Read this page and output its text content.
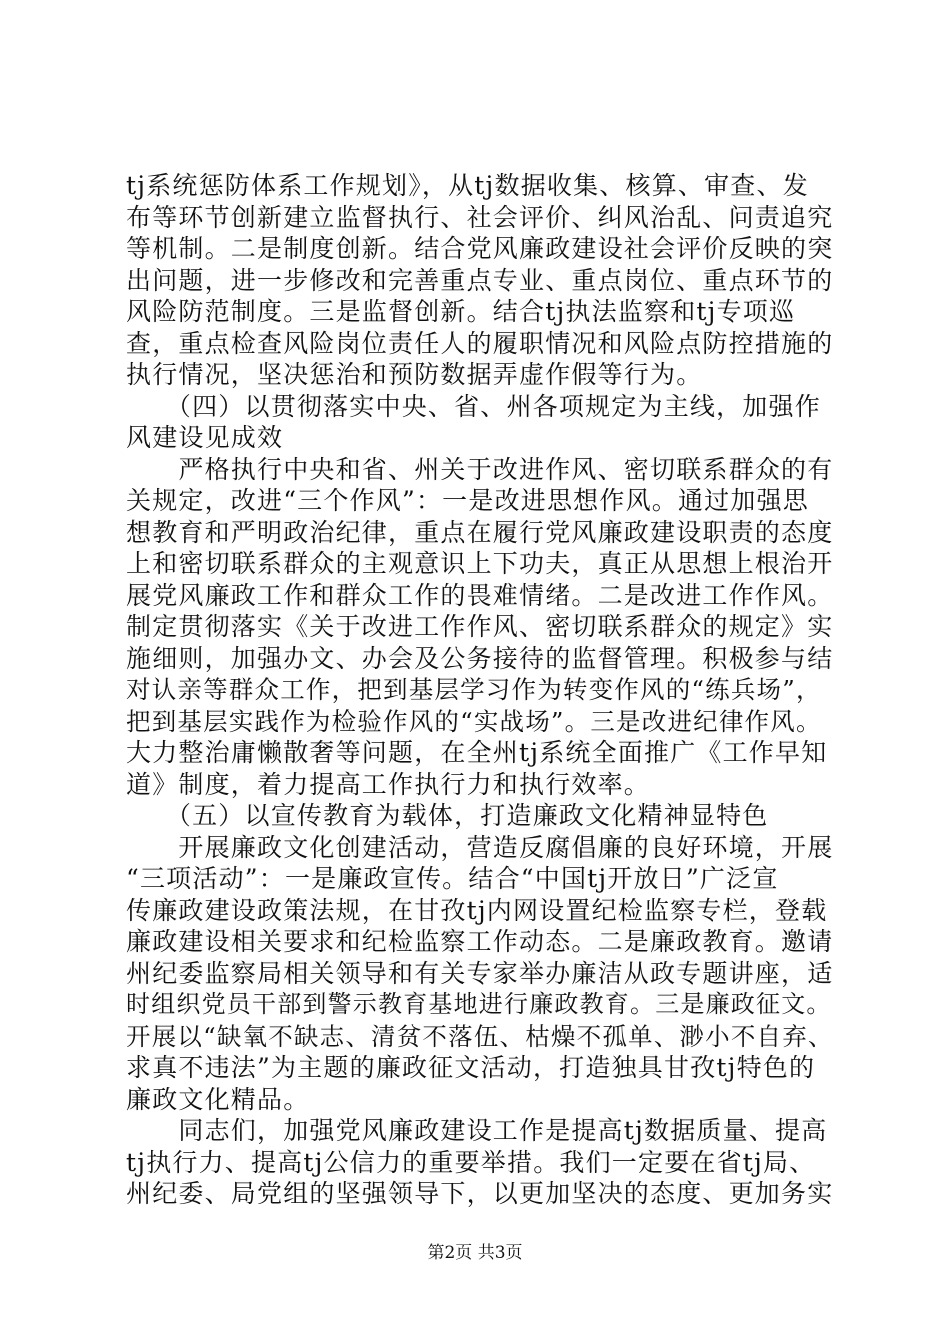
tj系统惩防体系工作规划》，从tj数据收集、核算、审查、发
布等环节创新建立监督执行、社会评价、纠风治乱、问责追究
等机制。二是制度创新。结合党风廉政建设社会评价反映的突
出问题，进一步修改和完善重点专业、重点岗位、重点环节的
风险防范制度。三是监督创新。结合tj执法监察和tj专项巡
查，重点检查风险岗位责任人的履职情况和风险点防控措施的
执行情况，坚决惩治和预防数据弄虚作假等行为。
　　（四）以贯彻落实中央、省、州各项规定为主线，加强作
风建设见成效
　　严格执行中央和省、州关于改进作风、密切联系群众的有
关规定，改进“三个作风”：一是改进思想作风。通过加强思
想教育和严明政治纪律，重点在履行党风廉政建设职责的态度
上和密切联系群众的主观意识上下功夫，真正从思想上根治开
展党风廉政工作和群众工作的畏难情绪。二是改进工作作风。
制定贯彻落实《关于改进工作作风、密切联系群众的规定》实
施细则，加强办文、办会及公务接待的监督管理。积极参与结
对认亲等群众工作，把到基层学习作为转变作风的“练兵场”，
把到基层实践作为检验作风的“实战场”。三是改进纪律作风。
大力整治庸懒散奢等问题，在全州tj系统全面推广《工作早知
道》制度，着力提高工作执行力和执行效率。
　　（五）以宣传教育为载体，打造廉政文化精神显特色
　　开展廉政文化创建活动，营造反腐倡廉的良好环境，开展
“三项活动”：一是廉政宣传。结合“中国tj开放日”广泛宣
传廉政建设政策法规，在甘孜tj内网设置纪检监察专栏，登载
廉政建设相关要求和纪检监察工作动态。二是廉政教育。邀请
州纪委监察局相关领导和有关专家举办廉洁从政专题讲座，适
时组织党员干部到警示教育基地进行廉政教育。三是廉政征文。
开展以“缺氧不缺志、清贫不落伍、枯燥不孤单、渺小不自弃、
求真不违法”为主题的廉政征文活动，打造独具甘孜tj特色的
廉政文化精品。
　　同志们，加强党风廉政建设工作是提高tj数据质量、提高
tj执行力、提高tj公信力的重要举措。我们一定要在省tj局、
州纪委、局党组的坚强领导下，以更加坚决的态度、更加务实
第2页 共3页
